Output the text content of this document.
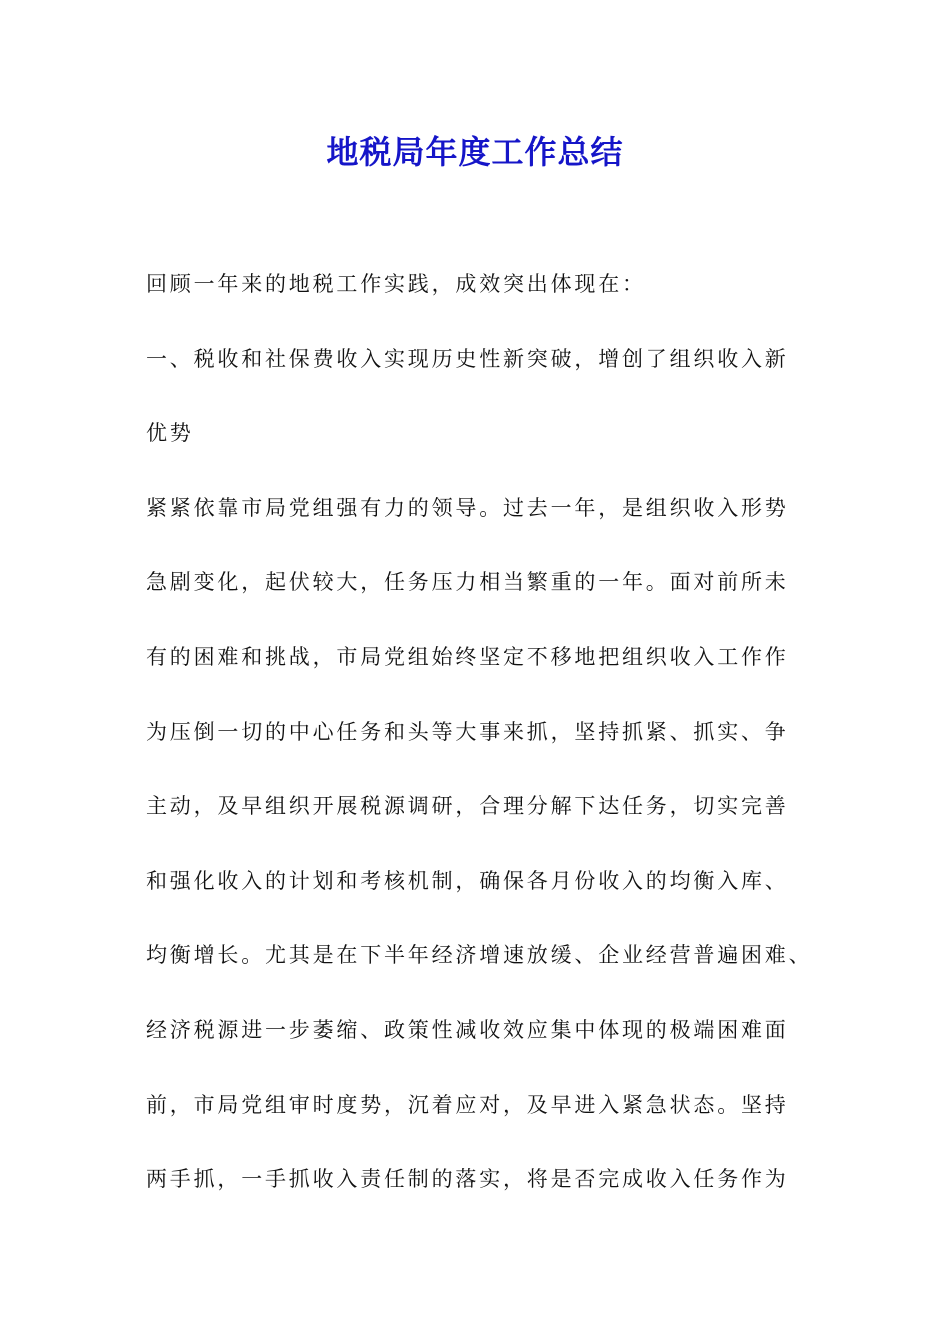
地税局年度工作总结
回顾一年来的地税工作实践，成效突出体现在：
一、税收和社保费收入实现历史性新突破，增创了组织收入新
优势
紧紧依靠市局党组强有力的领导。过去一年，是组织收入形势
急剧变化，起伏较大，任务压力相当繁重的一年。面对前所未
有的困难和挑战，市局党组始终坚定不移地把组织收入工作作
为压倒一切的中心任务和头等大事来抓，坚持抓紧、抓实、争
主动，及早组织开展税源调研，合理分解下达任务，切实完善
和强化收入的计划和考核机制，确保各月份收入的均衡入库、
均衡增长。尤其是在下半年经济增速放缓、企业经营普遍困难、
经济税源进一步萎缩、政策性减收效应集中体现的极端困难面
前，市局党组审时度势，沉着应对，及早进入紧急状态。坚持
两手抓，一手抓收入责任制的落实，将是否完成收入任务作为
